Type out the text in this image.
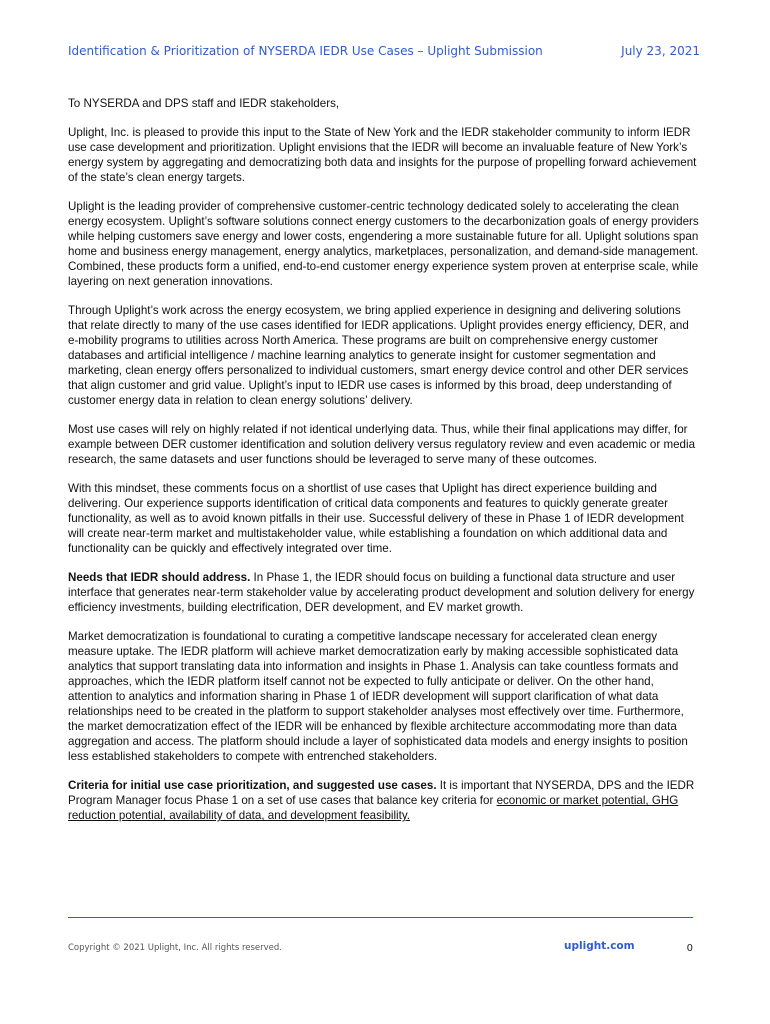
Identification & Prioritization of NYSERDA IEDR Use Cases – Uplight Submission	July 23, 2021

To NYSERDA and DPS staff and IEDR stakeholders,

Uplight, Inc. is pleased to provide this input to the State of New York and the IEDR stakeholder community to inform IEDR use case development and prioritization. Uplight envisions that the IEDR will become an invaluable feature of New York’s energy system by aggregating and democratizing both data and insights for the purpose of propelling forward achievement of the state’s clean energy targets.

Uplight is the leading provider of comprehensive customer-centric technology dedicated solely to accelerating the clean energy ecosystem. Uplight’s software solutions connect energy customers to the decarbonization goals of energy providers while helping customers save energy and lower costs, engendering a more sustainable future for all. Uplight solutions span home and business energy management, energy analytics, marketplaces, personalization, and demand-side management. Combined, these products form a unified, end-to-end customer energy experience system proven at enterprise scale, while layering on next generation innovations.

Through Uplight’s work across the energy ecosystem, we bring applied experience in designing and delivering solutions that relate directly to many of the use cases identified for IEDR applications. Uplight provides energy efficiency, DER, and e-mobility programs to utilities across North America. These programs are built on comprehensive energy customer databases and artificial intelligence / machine learning analytics to generate insight for customer segmentation and marketing, clean energy offers personalized to individual customers, smart energy device control and other DER services that align customer and grid value. Uplight’s input to IEDR use cases is informed by this broad, deep understanding of customer energy data in relation to clean energy solutions’ delivery.

Most use cases will rely on highly related if not identical underlying data. Thus, while their final applications may differ, for example between DER customer identification and solution delivery versus regulatory review and even academic or media research, the same datasets and user functions should be leveraged to serve many of these outcomes.

With this mindset, these comments focus on a shortlist of use cases that Uplight has direct experience building and delivering. Our experience supports identification of critical data components and features to quickly generate greater functionality, as well as to avoid known pitfalls in their use. Successful delivery of these in Phase 1 of IEDR development will create near-term market and multistakeholder value, while establishing a foundation on which additional data and functionality can be quickly and effectively integrated over time.

Needs that IEDR should address. In Phase 1, the IEDR should focus on building a functional data structure and user interface that generates near-term stakeholder value by accelerating product development and solution delivery for energy efficiency investments, building electrification, DER development, and EV market growth.

Market democratization is foundational to curating a competitive landscape necessary for accelerated clean energy measure uptake. The IEDR platform will achieve market democratization early by making accessible sophisticated data analytics that support translating data into information and insights in Phase 1. Analysis can take countless formats and approaches, which the IEDR platform itself cannot not be expected to fully anticipate or deliver. On the other hand, attention to analytics and information sharing in Phase 1 of IEDR development will support clarification of what data relationships need to be created in the platform to support stakeholder analyses most effectively over time. Furthermore, the market democratization effect of the IEDR will be enhanced by flexible architecture accommodating more than data aggregation and access. The platform should include a layer of sophisticated data models and energy insights to position less established stakeholders to compete with entrenched stakeholders.

Criteria for initial use case prioritization, and suggested use cases. It is important that NYSERDA, DPS and the IEDR Program Manager focus Phase 1 on a set of use cases that balance key criteria for economic or market potential, GHG reduction potential, availability of data, and development feasibility.

Copyright © 2021 Uplight, Inc. All rights reserved.	uplight.com	0
